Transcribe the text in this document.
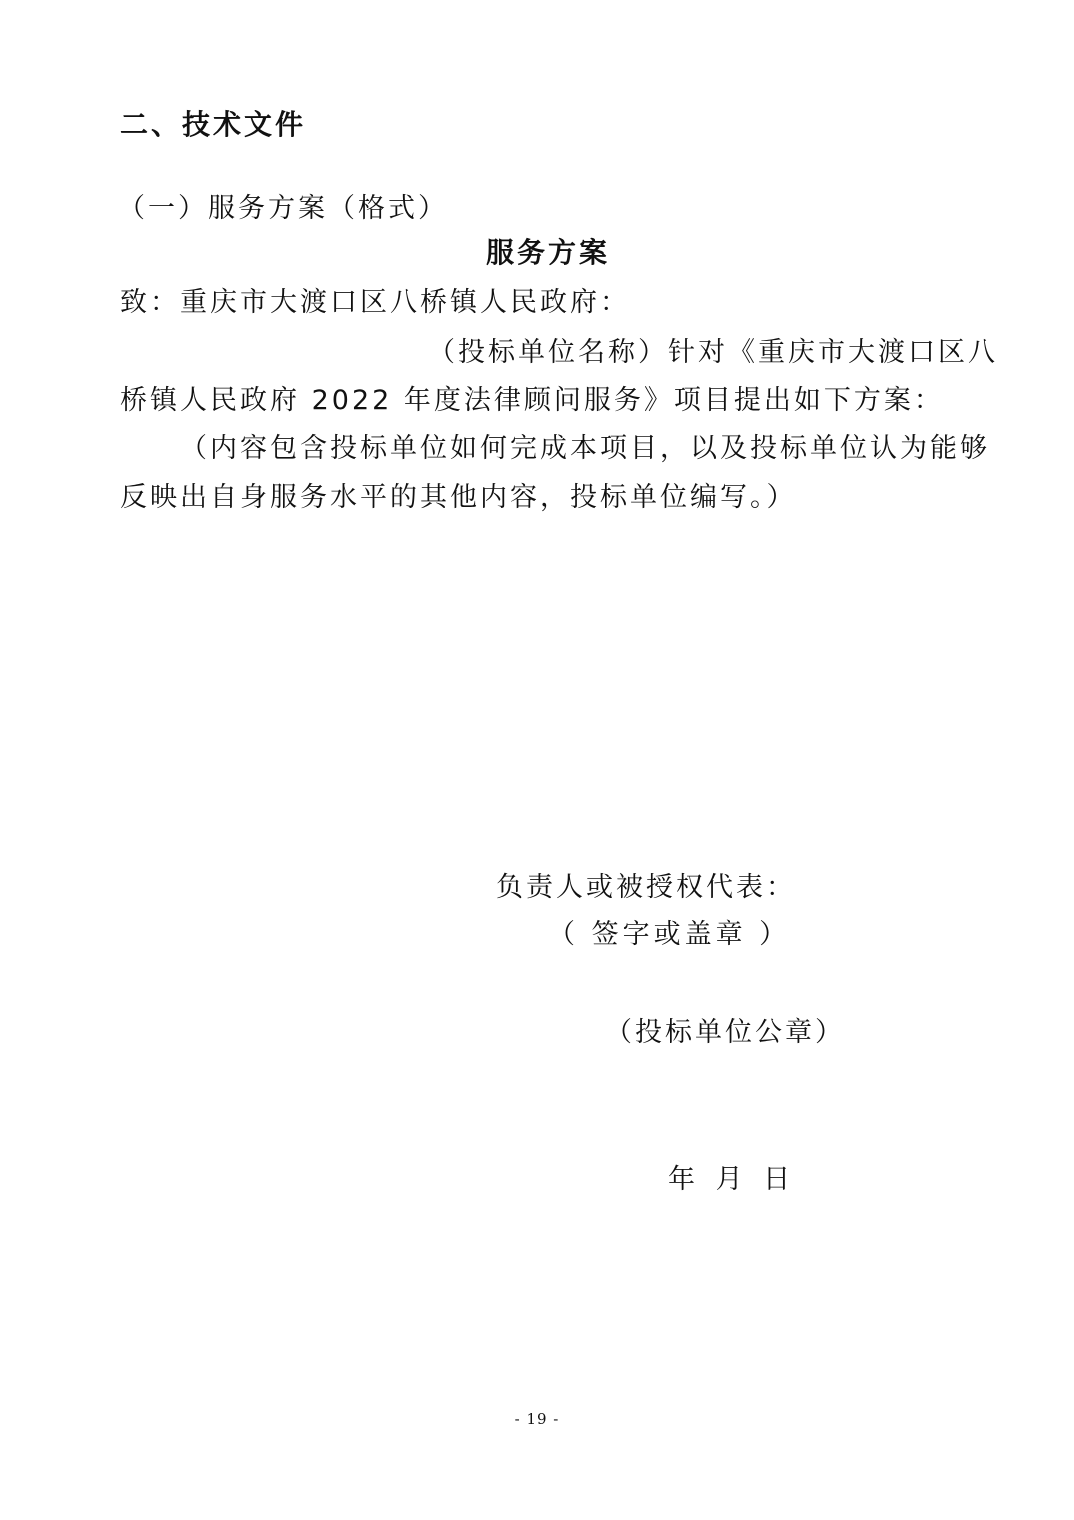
二、技术文件
（一）服务方案（格式）
服务方案
致：重庆市大渡口区八桥镇人民政府：
（投标单位名称）针对《重庆市大渡口区八
桥镇人民政府 2022 年度法律顾问服务》项目提出如下方案：
（内容包含投标单位如何完成本项目，以及投标单位认为能够
反映出自身服务水平的其他内容，投标单位编写。）
负责人或被授权代表：
（ 签字或盖章 ）
（投标单位公章）
年 月 日
- 19 -
